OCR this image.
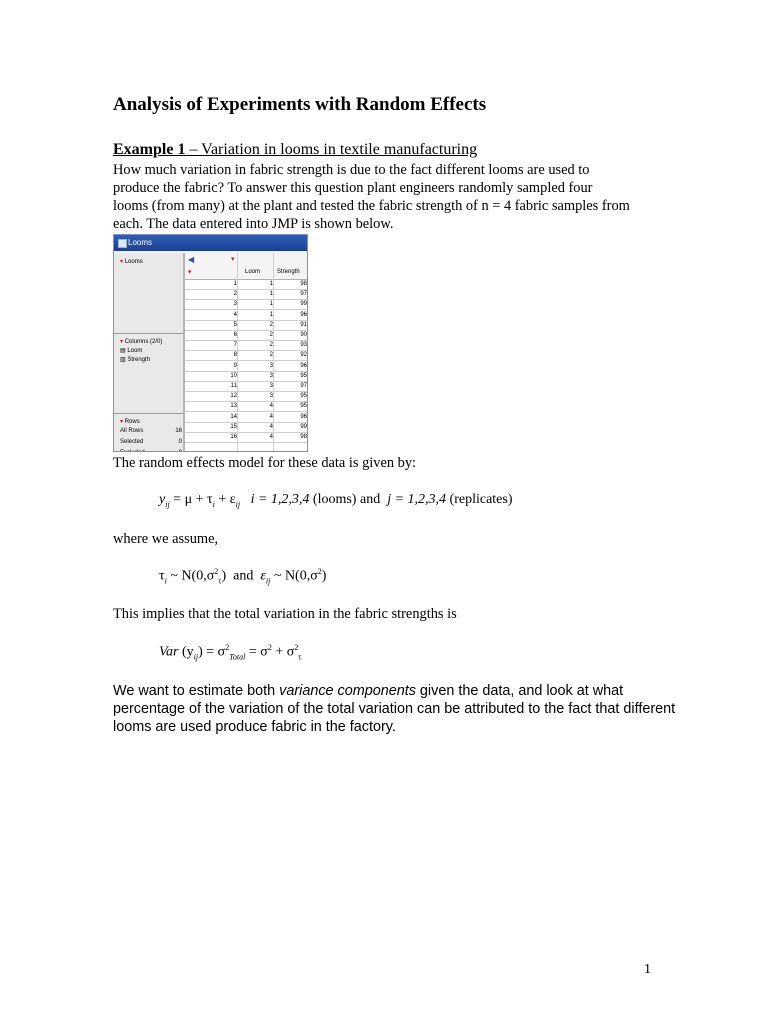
Analysis of Experiments with Random Effects
Example 1 – Variation in looms in textile manufacturing
How much variation in fabric strength is due to the fact different looms are used to
produce the fabric? To answer this question plant engineers randomly sampled four
looms (from many) at the plant and tested the fabric strength of n = 4 fabric samples from
each. The data entered into JMP is shown below.
Looms
▾ Looms
▾ Columns (2/0)
▤ Loom
▥ Strength
▾ Rows
All Rows	16
Selected	0
◀
▾
▾
Loom	Strength
1	1	98
2	1	97
3	1	99
4	1	96
5	2	91
6	2	90
7	2	93
8	2	92
9	3	96
10	3	95
11	3	97
12	3	95
13	4	95
14	4	96
15	4	99
16	4	98
The random effects model for these data is given by:
$y_{ij} = \mu + \tau_i + \varepsilon_{ij}$ i = 1,2,3,4 (looms) and  j = 1,2,3,4 (replicates)
where we assume,
$\tau_i$ ~ $N(0,\sigma^2_\tau)$ and $\varepsilon_{ij}$ ~ $N(0,\sigma^2)$
This implies that the total variation in the fabric strengths is
Var $(y_{ij}) = \sigma^2_{Total} = \sigma^2 + \sigma^2_\tau$
We want to estimate both variance components given the data, and look at what
percentage of the variation of the total variation can be attributed to the fact that different
looms are used produce fabric in the factory.
1
